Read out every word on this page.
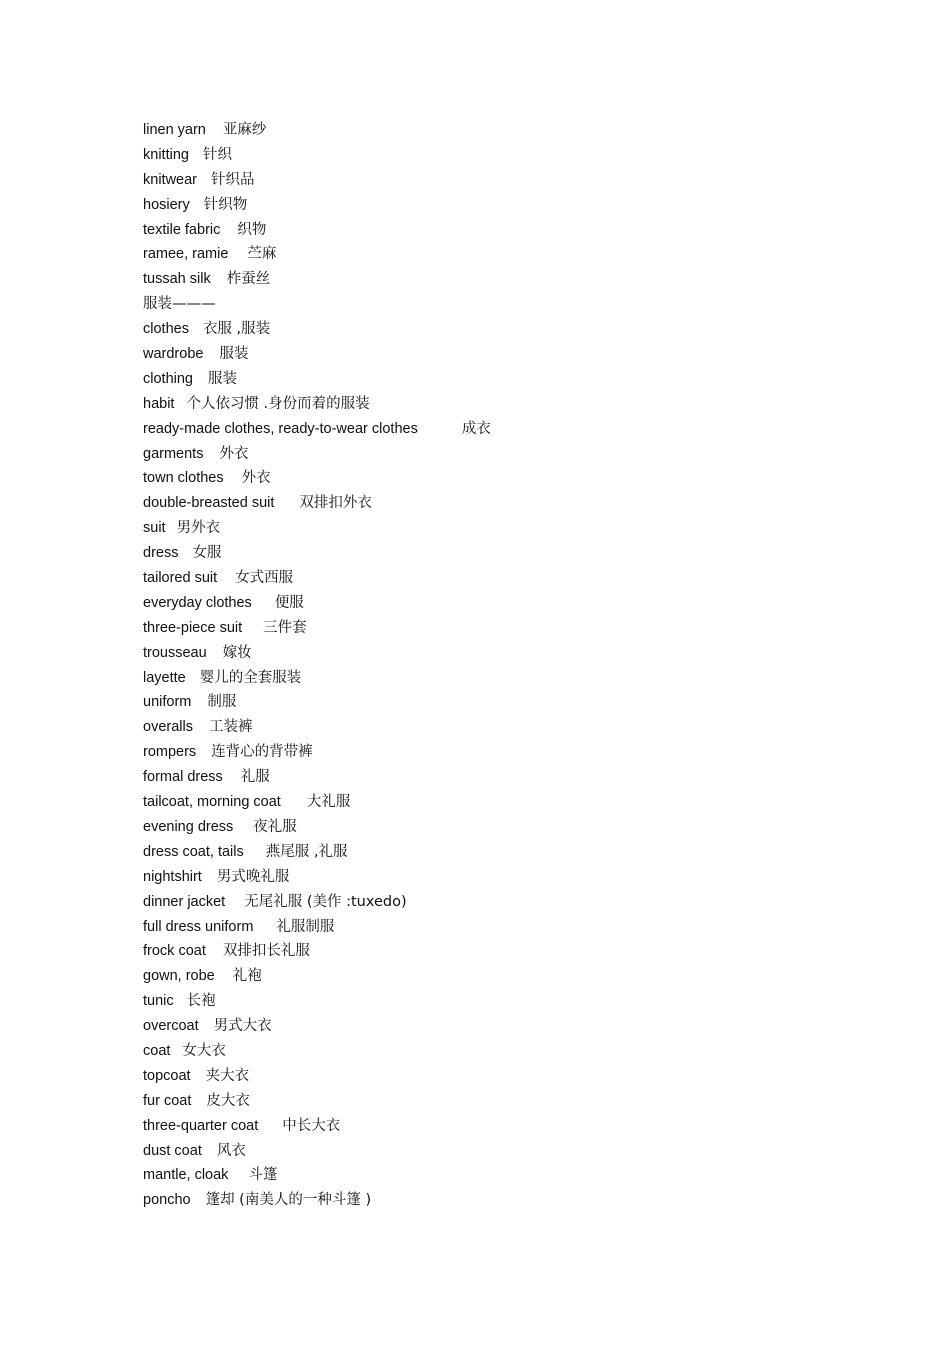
linen yarn 亚麻纱
knitting 针织
knitwear 针织品
hosiery 针织物
textile fabric 织物
ramee, ramie 苎麻
tussah silk 柞蚕丝
服装———
clothes 衣服 ,服装
wardrobe 服装
clothing 服装
habit 个人依习惯 .身份而着的服装
ready-made clothes, ready-to-wear clothes	成衣
garments 外衣
town clothes 外衣
double-breasted suit 双排扣外衣
suit 男外衣
dress 女服
tailored suit 女式西服
everyday clothes 便服
three-piece suit 三件套
trousseau 嫁妆
layette 婴儿的全套服装
uniform 制服
overalls 工装裤
rompers 连背心的背带裤
formal dress 礼服
tailcoat, morning coat 大礼服
evening dress 夜礼服
dress coat, tails 燕尾服 ,礼服
nightshirt 男式晚礼服
dinner jacket 无尾礼服 (美作 :tuxedo)
full dress uniform 礼服制服
frock coat 双排扣长礼服
gown, robe 礼袍
tunic 长袍
overcoat 男式大衣
coat 女大衣
topcoat 夹大衣
fur coat 皮大衣
three-quarter coat 中长大衣
dust coat 风衣
mantle, cloak 斗篷
poncho 篷却 (南美人的一种斗篷 )
